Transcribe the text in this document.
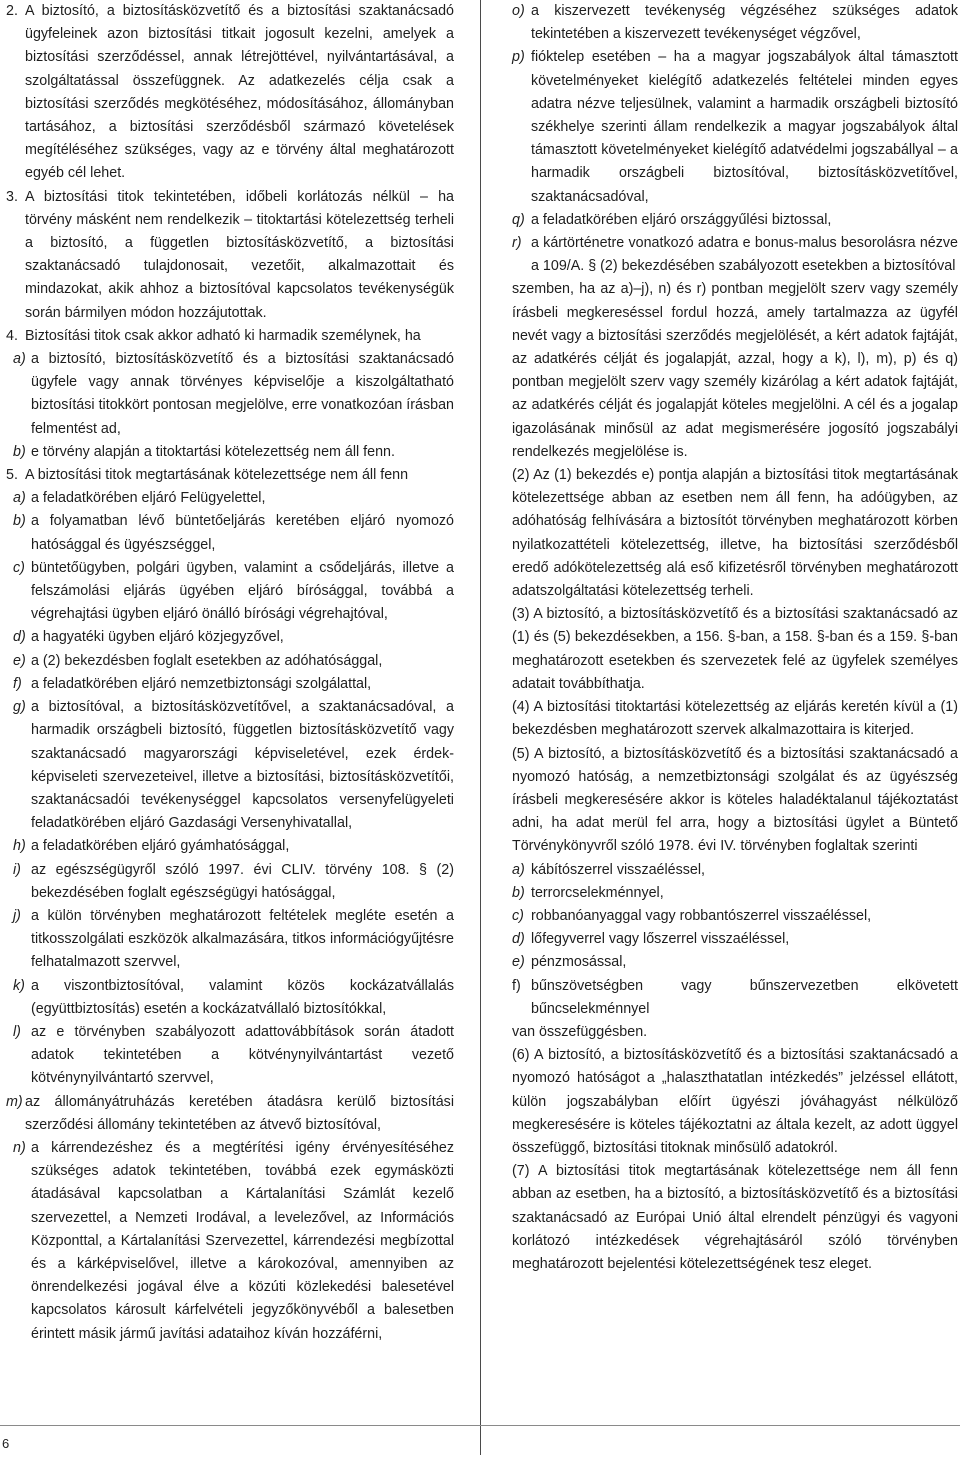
2. A biztosító, a biztosításközvetítő és a biztosítási szaktanácsadó ügyfeleinek azon biztosítási titkait jogosult kezelni, amelyek a biztosítási szerződéssel, annak létrejöttével, nyilvántartásával, a szolgáltatással összefüggnek. Az adatkezelés célja csak a biztosítási szerződés megkötéséhez, módosításához, állományban tartásához, a biztosítási szerződésből származó követelések megítéléséhez szükséges, vagy az e törvény által meghatározott egyéb cél lehet.

3. A biztosítási titok tekintetében, időbeli korlátozás nélkül – ha törvény másként nem rendelkezik – titoktartási kötelezettség terheli a biztosító, a független biztosításközvetítő, a biztosítási szaktanácsadó tulajdonosait, vezetőit, alkalmazottait és mindazokat, akik ahhoz a biztosítóval kapcsolatos tevékenységük során bármilyen módon hozzájutottak.

4. Biztosítási titok csak akkor adható ki harmadik személynek, ha

a) a biztosító, biztosításközvetítő és a biztosítási szaktanácsadó ügyfele vagy annak törvényes képviselője a kiszolgáltatható biztosítási titokkört pontosan megjelölve, erre vonatkozóan írásban felmentést ad,

b) e törvény alapján a titoktartási kötelezettség nem áll fenn.

5. A biztosítási titok megtartásának kötelezettsége nem áll fenn

a) a feladatkörében eljáró Felügyelettel,

b) a folyamatban lévő büntetőeljárás keretében eljáró nyomozó hatósággal és ügyészséggel,

c) büntetőügyben, polgári ügyben, valamint a csődeljárás, illetve a felszámolási eljárás ügyében eljáró bírósággal, továbbá a végrehajtási ügyben eljáró önálló bírósági végrehajtóval,

d) a hagyatéki ügyben eljáró közjegyzővel,

e) a (2) bekezdésben foglalt esetekben az adóhatósággal,

f) a feladatkörében eljáró nemzetbiztonsági szolgálattal,

g) a biztosítóval, a biztosításközvetítővel, a szaktanácsadóval, a harmadik országbeli biztosító, független biztosításközvetítő vagy szaktanácsadó magyarországi képviseletével, ezek érdek-képviseleti szervezeteivel, illetve a biztosítási, biztosításközvetítői, szaktanácsadói tevékenységgel kapcsolatos versenyfelügyeleti feladatkörében eljáró Gazdasági Versenyhivatallal,

h) a feladatkörében eljáró gyámhatósággal,

i) az egészségügyről szóló 1997. évi CLIV. törvény 108. § (2) bekezdésében foglalt egészségügyi hatósággal,

j) a külön törvényben meghatározott feltételek megléte esetén a titkosszolgálati eszközök alkalmazására, titkos információgyűjtésre felhatalmazott szervvel,

k) a viszontbiztosítóval, valamint közös kockázatvállalás (együttbiztosítás) esetén a kockázatvállaló biztosítókkal,

l) az e törvényben szabályozott adattovábbítások során átadott adatok tekintetében a kötvénynyilvántartást vezető kötvénynyilvántartó szervvel,

m) az állományátruházás keretében átadásra kerülő biztosítási szerződési állomány tekintetében az átvevő biztosítóval,

n) a kárrendezéshez és a megtérítési igény érvényesítéséhez szükséges adatok tekintetében, továbbá ezek egymásközti átadásával kapcsolatban a Kártalanítási Számlát kezelő szervezettel, a Nemzeti Irodával, a levelezővel, az Információs Központtal, a Kártalanítási Szervezettel, kárrendezési megbízottal és a kárképviselővel, illetve a károkozóval, amennyiben az önrendelkezési jogával élve a közúti közlekedési balesetével kapcsolatos károsult kárfelvételi jegyzőkönyvéből a balesetben érintett másik jármű javítási adataihoz kíván hozzáférni,

o) a kiszervezett tevékenység végzéséhez szükséges adatok tekintetében a kiszervezett tevékenységet végzővel,

p) fióktelep esetében – ha a magyar jogszabályok által támasztott követelményeket kielégítő adatkezelés feltételei minden egyes adatra nézve teljesülnek, valamint a harmadik országbeli biztosító székhelye szerinti állam rendelkezik a magyar jogszabályok által támasztott követelményeket kielégítő adatvédelmi jogszabállyal – a harmadik országbeli biztosítóval, biztosításközvetítővel, szaktanácsadóval,

q) a feladatkörében eljáró országgyűlési biztossal,

r) a kártörténetre vonatkozó adatra e bonus-malus besorolásra nézve a 109/A. § (2) bekezdésében szabályozott esetekben a biztosítóval

szemben, ha az a)–j), n) és r) pontban megjelölt szerv vagy személy írásbeli megkereséssel fordul hozzá, amely tartalmazza az ügyfél nevét vagy a biztosítási szerződés megjelölését, a kért adatok fajtáját, az adatkérés célját és jogalapját, azzal, hogy a k), l), m), p) és q) pontban megjelölt szerv vagy személy kizárólag a kért adatok fajtáját, az adatkérés célját és jogalapját köteles megjelölni. A cél és a jogalap igazolásának minősül az adat megismerésére jogosító jogszabályi rendelkezés megjelölése is.

(2) Az (1) bekezdés e) pontja alapján a biztosítási titok megtartásának kötelezettsége abban az esetben nem áll fenn, ha adóügyben, az adóhatóság felhívására a biztosítót törvényben meghatározott körben nyilatkozattételi kötelezettség, illetve, ha biztosítási szerződésből eredő adókötelezettség alá eső kifizetésről törvényben meghatározott adatszolgáltatási kötelezettség terheli.

(3) A biztosító, a biztosításközvetítő és a biztosítási szaktanácsadó az (1) és (5) bekezdésekben, a 156. §-ban, a 158. §-ban és a 159. §-ban meghatározott esetekben és szervezetek felé az ügyfelek személyes adatait továbbíthatja.

(4) A biztosítási titoktartási kötelezettség az eljárás keretén kívül a (1) bekezdésben meghatározott szervek alkalmazottaira is kiterjed.

(5) A biztosító, a biztosításközvetítő és a biztosítási szaktanácsadó a nyomozó hatóság, a nemzetbiztonsági szolgálat és az ügyészség írásbeli megkeresésére akkor is köteles haladéktalanul tájékoztatást adni, ha adat merül fel arra, hogy a biztosítási ügylet a Büntető Törvénykönyvről szóló 1978. évi IV. törvényben foglaltak szerinti

a) kábítószerrel visszaéléssel,

b) terrorcselekménnyel,

c) robbanóanyaggal vagy robbantószerrel visszaéléssel,

d) lőfegyverrel vagy lőszerrel visszaéléssel,

e) pénzmosással,

f) bűnszövetségben vagy bűnszervezetben elkövetett bűncselekménnyel

van összefüggésben.

(6) A biztosító, a biztosításközvetítő és a biztosítási szaktanácsadó a nyomozó hatóságot a „halaszthatatlan intézkedés” jelzéssel ellátott, külön jogszabályban előírt ügyészi jóváhagyást nélkülöző megkeresésére is köteles tájékoztatni az általa kezelt, az adott üggyel összefüggő, biztosítási titoknak minősülő adatokról.

(7) A biztosítási titok megtartásának kötelezettsége nem áll fenn abban az esetben, ha a biztosító, a biztosításközvetítő és a biztosítási szaktanácsadó az Európai Unió által elrendelt pénzügyi és vagyoni korlátozó intézkedések végrehajtásáról szóló törvényben meghatározott bejelentési kötelezettségének tesz eleget.

6
